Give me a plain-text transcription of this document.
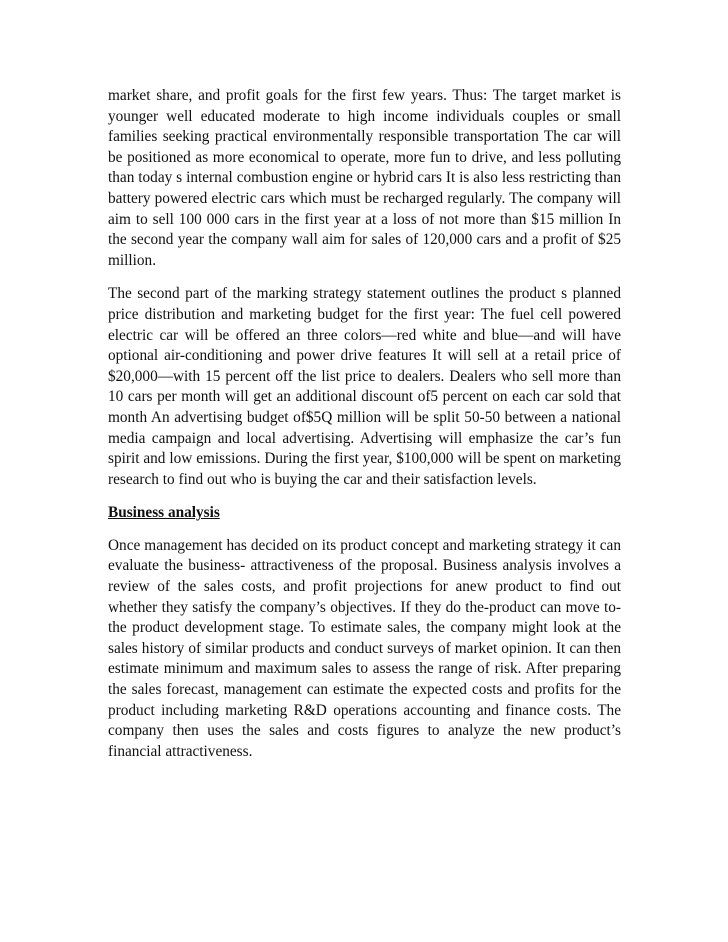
market share, and profit goals for the first few years. Thus: The target market is younger well educated moderate to high income individuals couples or small families seeking practical environmentally responsible transportation The car will be positioned as more economical to operate, more fun to drive, and less polluting than today s internal combustion engine or hybrid cars It is also less restricting than battery powered electric cars which must be recharged regularly. The company will aim to sell 100 000 cars in the first year at a loss of not more than $15 million In the second year the company wall aim for sales of 120,000 cars and a profit of $25 million.

The second part of the marking strategy statement outlines the product s planned price distribution and marketing budget for the first year: The fuel cell powered electric car will be offered an three colors—red white and blue—and will have optional air-conditioning and power drive features It will sell at a retail price of $20,000—with 15 percent off the list price to dealers. Dealers who sell more than 10 cars per month will get an additional discount of5 percent on each car sold that month An advertising budget of$5Q million will be split 50-50 between a national media campaign and local advertising. Advertising will emphasize the car’s fun spirit and low emissions. During the first year, $100,000 will be spent on marketing research to find out who is buying the car and their satisfaction levels.

Business analysis

Once management has decided on its product concept and marketing strategy it can evaluate the business- attractiveness of the proposal. Business analysis involves a review of the sales costs, and profit projections for anew product to find out whether they satisfy the company’s objectives. If they do the-product can move to-the product development stage. To estimate sales, the company might look at the sales history of similar products and conduct surveys of market opinion. It can then estimate minimum and maximum sales to assess the range of risk. After preparing the sales forecast, management can estimate the expected costs and profits for the product including marketing R&D operations accounting and finance costs. The company then uses the sales and costs figures to analyze the new product’s financial attractiveness.
